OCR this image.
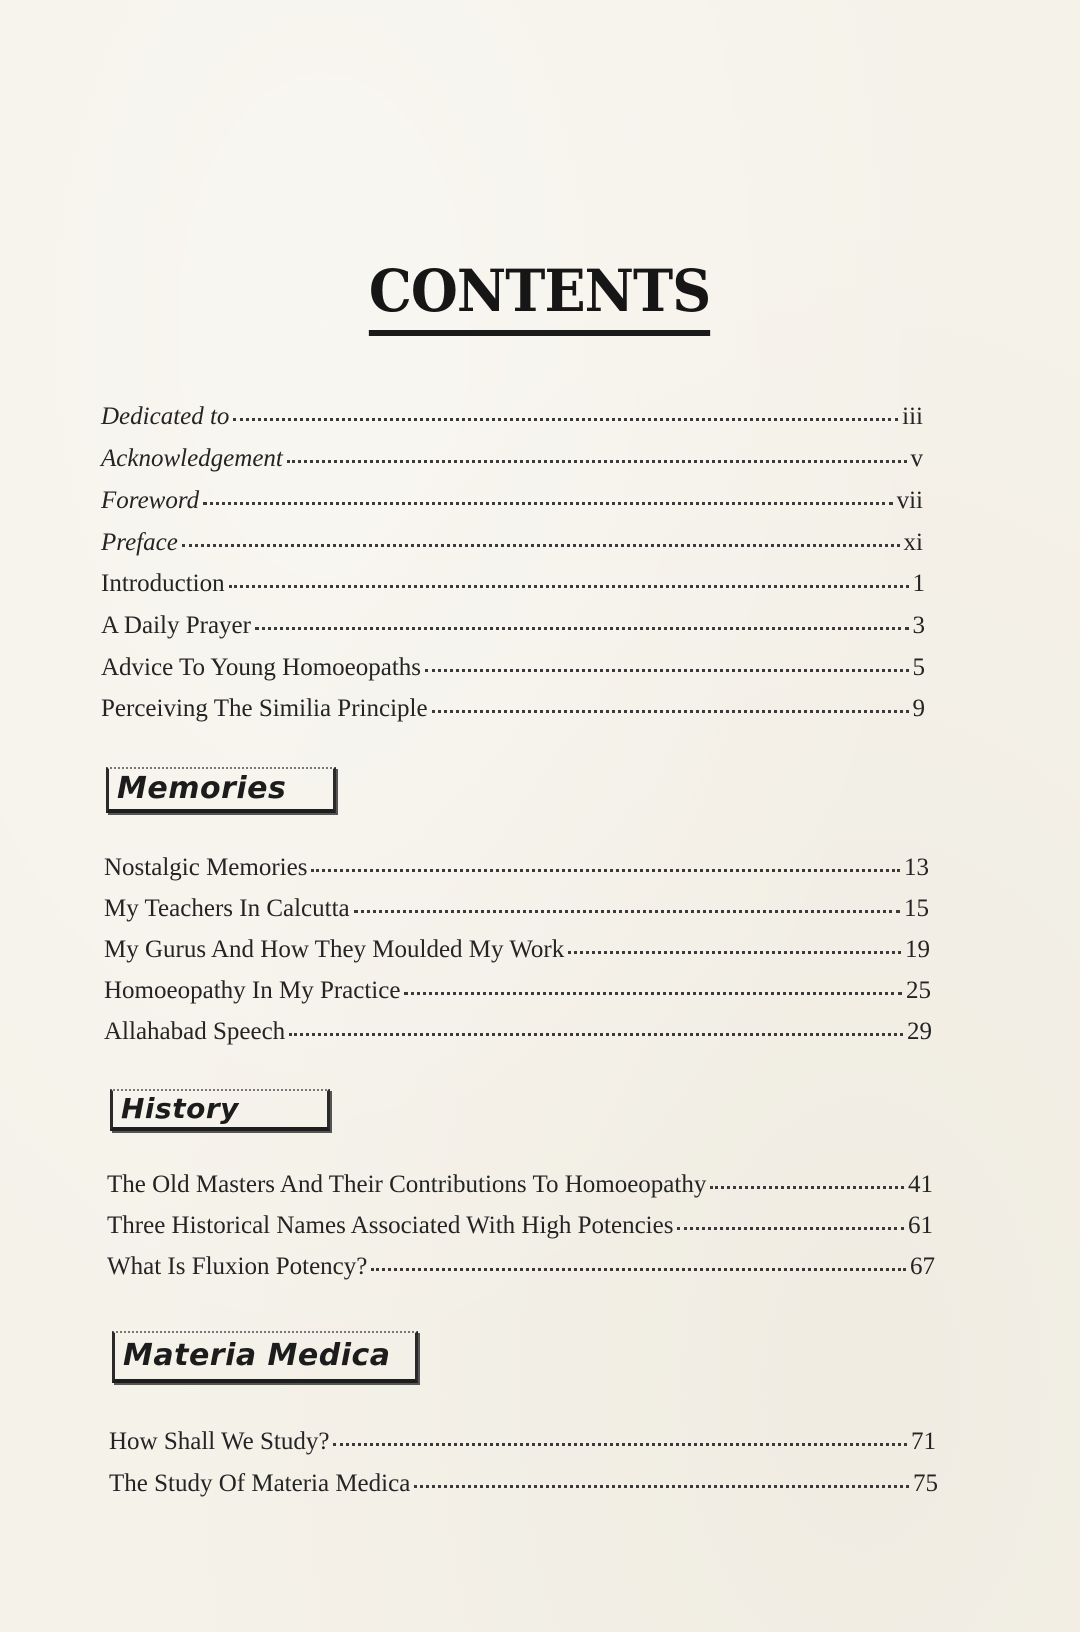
CONTENTS
Dedicated to	iii
Acknowledgement	v
Foreword	vii
Preface	xi
Introduction	1
A Daily Prayer	3
Advice To Young Homoeopaths	5
Perceiving The Similia Principle	9
Memories
Nostalgic Memories	13
My Teachers In Calcutta	15
My Gurus And How They Moulded My Work	19
Homoeopathy In My Practice	25
Allahabad Speech	29
History
The Old Masters And Their Contributions To Homoeopathy	41
Three Historical Names Associated With High Potencies	61
What Is Fluxion Potency?	67
Materia Medica
How Shall We Study?	71
The Study Of Materia Medica	75
